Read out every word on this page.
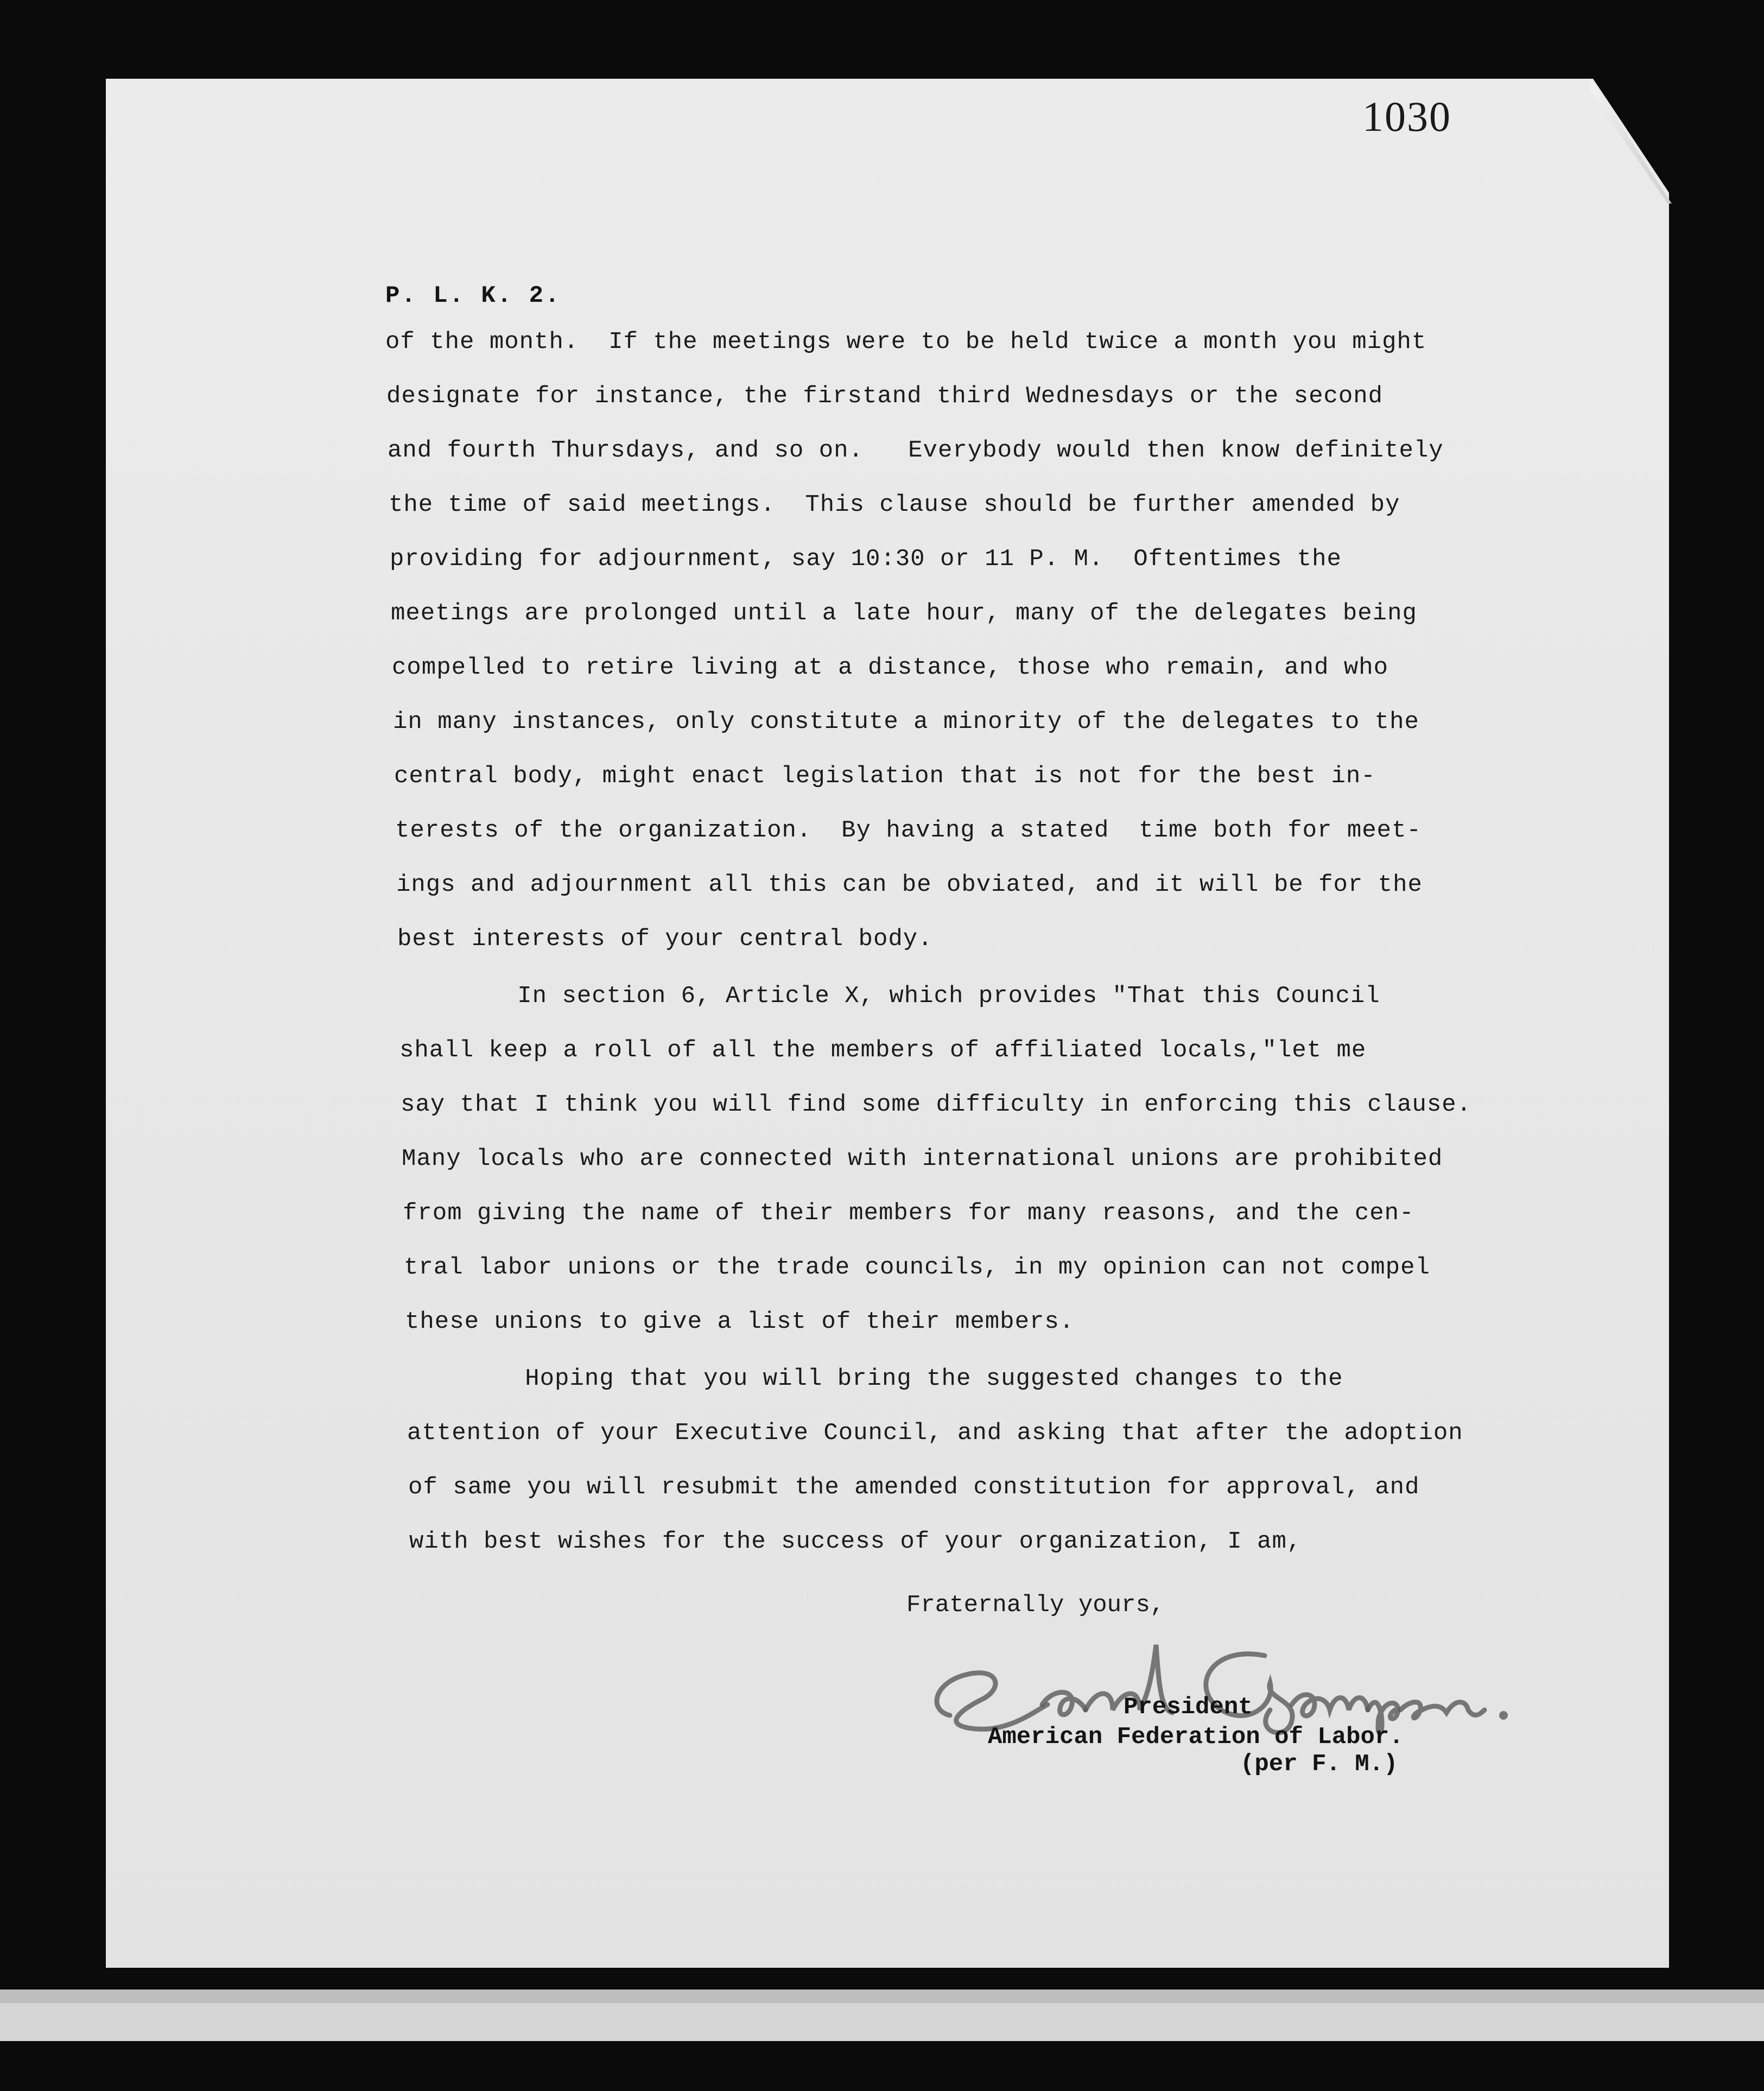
1030
P. L. K. 2.
of the month.  If the meetings were to be held twice a month you might
designate for instance, the firstand third Wednesdays or the second
and fourth Thursdays, and so on.   Everybody would then know definitely
the time of said meetings.  This clause should be further amended by
providing for adjournment, say 10:30 or 11 P. M.  Oftentimes the
meetings are prolonged until a late hour, many of the delegates being
compelled to retire living at a distance, those who remain, and who
in many instances, only constitute a minority of the delegates to the
central body, might enact legislation that is not for the best in-
terests of the organization.  By having a stated  time both for meet-
ings and adjournment all this can be obviated, and it will be for the
best interests of your central body.
In section 6, Article X, which provides "That this Council
shall keep a roll of all the members of affiliated locals,"let me
say that I think you will find some difficulty in enforcing this clause.
Many locals who are connected with international unions are prohibited
from giving the name of their members for many reasons, and the cen-
tral labor unions or the trade councils, in my opinion can not compel
these unions to give a list of their members.
Hoping that you will bring the suggested changes to the
attention of your Executive Council, and asking that after the adoption
of same you will resubmit the amended constitution for approval, and
with best wishes for the success of your organization, I am,
Fraternally yours,
President
American Federation of Labor.
(per F. M.)
